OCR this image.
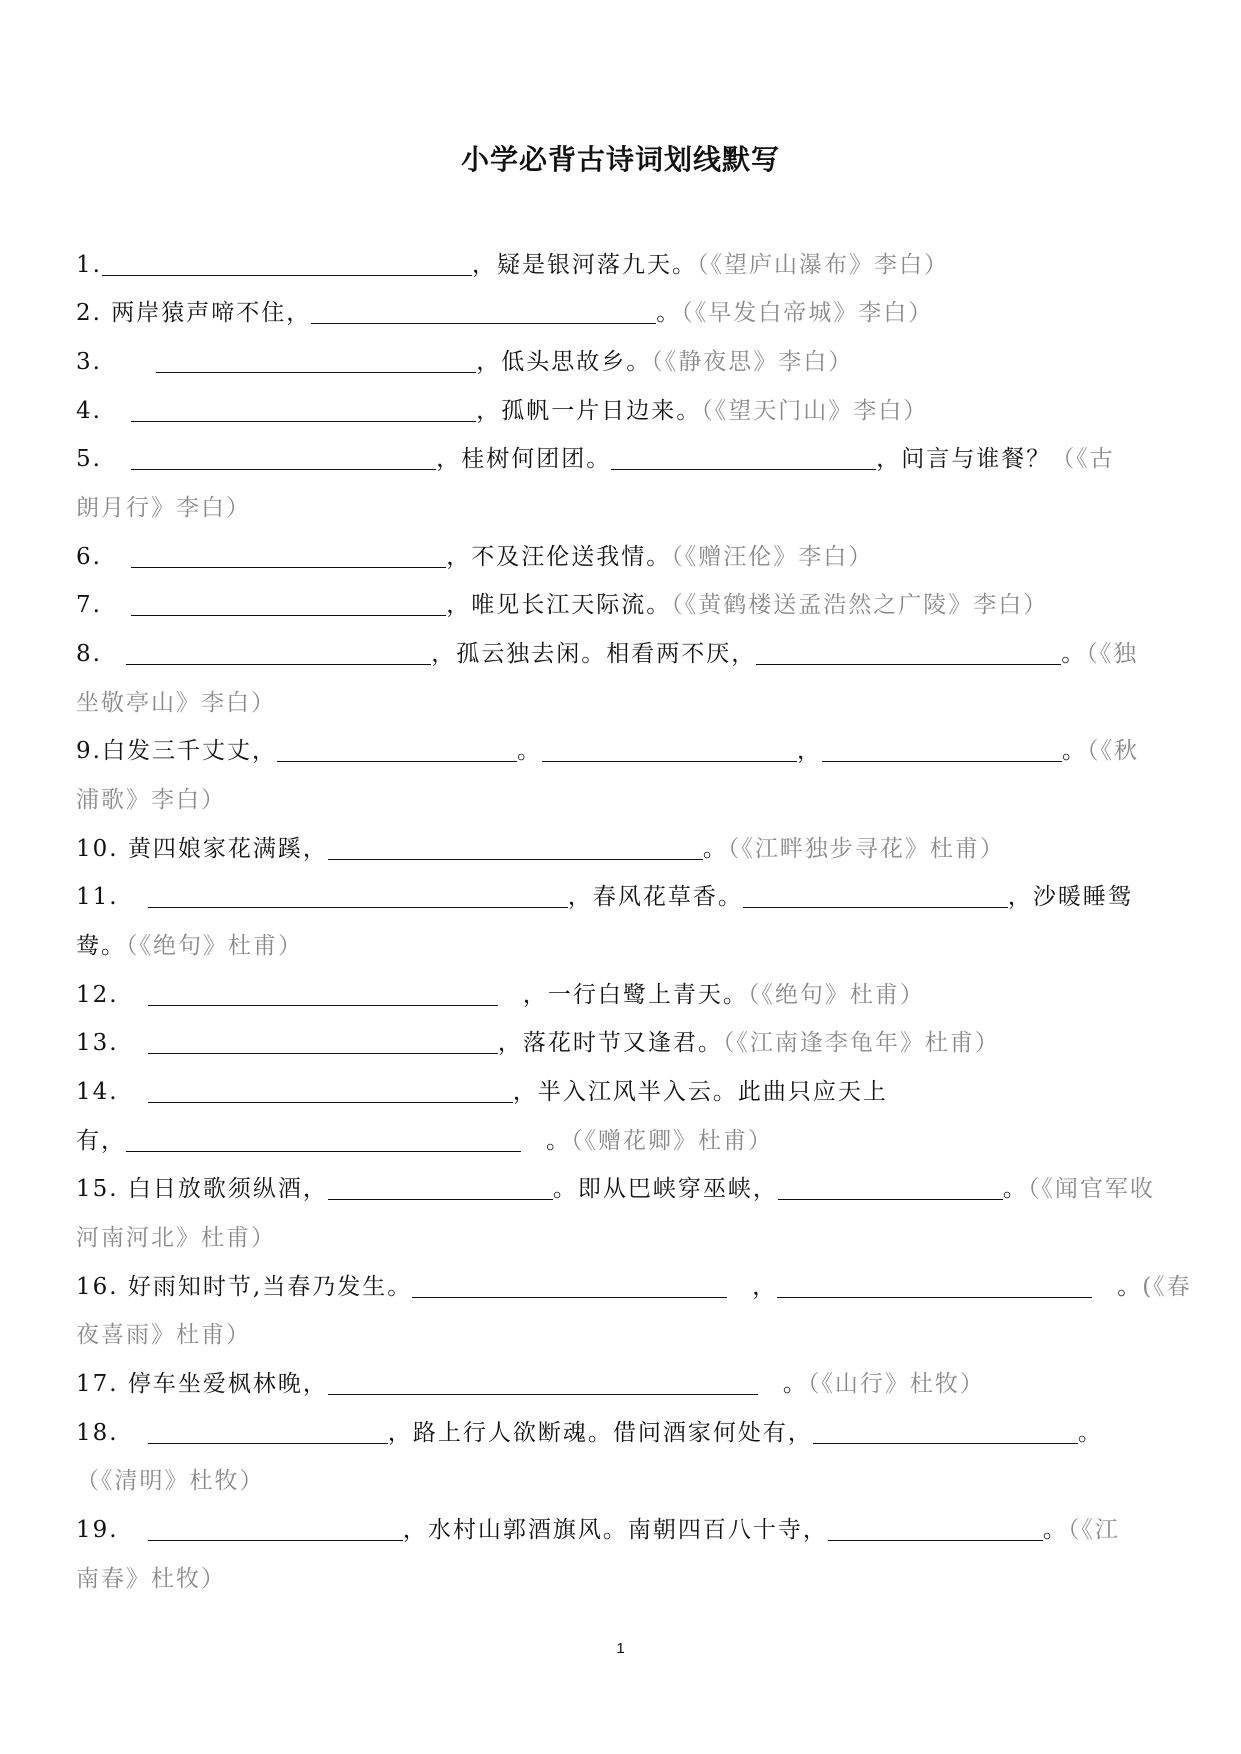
小学必背古诗词划线默写
1.	，疑是银河落九天。（《望庐山瀑布》李白）
2. 两岸猿声啼不住，	。（《早发白帝城》李白）
3.	，低头思故乡。（《静夜思》李白）
4.	，孤帆一片日边来。（《望天门山》李白）
5.	，桂树何团团。	，问言与谁餐？（《古
朗月行》李白）
6.	，不及汪伦送我情。（《赠汪伦》李白）
7.	，唯见长江天际流。（《黄鹤楼送孟浩然之广陵》李白）
8.	，孤云独去闲。相看两不厌，	。（《独
坐敬亭山》李白）
9.白发三千丈丈，	。	，	。（《秋
浦歌》李白）
10. 黄四娘家花满蹊，	。（《江畔独步寻花》杜甫）
11.	，春风花草香。	，沙暖睡鸳
鸯。（《绝句》杜甫）
12.	，一行白鹭上青天。（《绝句》杜甫）
13.	，落花时节又逢君。（《江南逢李龟年》杜甫）
14.	，半入江风半入云。此曲只应天上
有，	。（《赠花卿》杜甫）
15. 白日放歌须纵酒，	。即从巴峡穿巫峡，	。（《闻官军收
河南河北》杜甫）
16. 好雨知时节,当春乃发生。	，	。(《春
夜喜雨》杜甫）
17. 停车坐爱枫林晚，	。（《山行》杜牧）
18.	，路上行人欲断魂。借问酒家何处有，	。
（《清明》杜牧）
19.	，水村山郭酒旗风。南朝四百八十寺，	。（《江
南春》杜牧）
1
